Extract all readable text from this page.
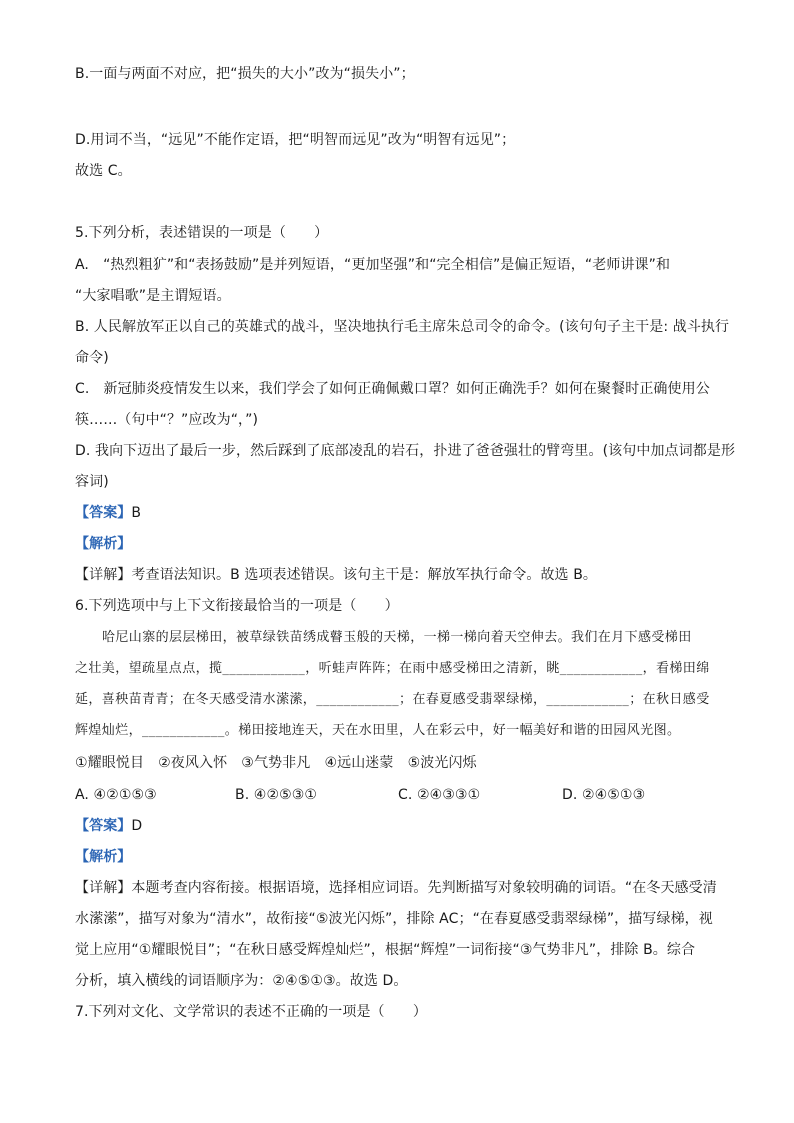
B.一面与两面不对应，把“损失的大小”改为“损失小”；
D.用词不当，“远见”不能作定语，把“明智而远见”改为“明智有远见”；
故选 C。
5.下列分析，表述错误的一项是（　　）
A.　“热烈粗犷”和“表扬鼓励”是并列短语，“更加坚强”和“完全相信”是偏正短语，“老师讲课”和
“大家唱歌”是主谓短语。
B. 人民解放军正以自己的英雄式的战斗，坚决地执行毛主席朱总司令的命令。(该句句子主干是: 战斗执行
命令)
C.　新冠肺炎疫情发生以来，我们学会了如何正确佩戴口罩？如何正确洗手？如何在聚餐时正确使用公
筷……（句中“？”应改为“，”)
D. 我向下迈出了最后一步，然后踩到了底部凌乱的岩石，扑进了爸爸强壮的臂弯里。(该句中加点词都是形
容词)
【答案】B
【解析】
【详解】考查语法知识。B 选项表述错误。该句主干是：解放军执行命令。故选 B。
6.下列选项中与上下文衔接最恰当的一项是（　　）
哈尼山寨的层层梯田，被草绿铁苗绣成瞽玉般的天梯，一梯一梯向着天空伸去。我们在月下感受梯田
之壮美，望疏星点点，揽____________，听蛙声阵阵；在雨中感受梯田之清新，眺____________，看梯田绵
延，喜秧苗青青；在冬天感受清水潆潆，____________；在春夏感受翡翠绿梯，____________；在秋日感受
辉煌灿烂，____________。梯田接地连天，天在水田里，人在彩云中，好一幅美好和谐的田园风光图。
①耀眼悦目　②夜风入怀　③气势非凡　④远山迷蒙　⑤波光闪烁
A. ④②①⑤③	B. ④②⑤③①	C. ②④③③①	D. ②④⑤①③
【答案】D
【解析】
【详解】本题考查内容衔接。根据语境，选择相应词语。先判断描写对象较明确的词语。“在冬天感受清
水潆潆”，描写对象为“清水”，故衔接“⑤波光闪烁”，排除 AC；“在春夏感受翡翠绿梯”，描写绿梯，视
觉上应用“①耀眼悦目”；“在秋日感受辉煌灿烂”，根据“辉煌”一词衔接“③气势非凡”，排除 B。综合
分析，填入横线的词语顺序为：②④⑤①③。故选 D。
7.下列对文化、文学常识的表述不正确的一项是（　　）
